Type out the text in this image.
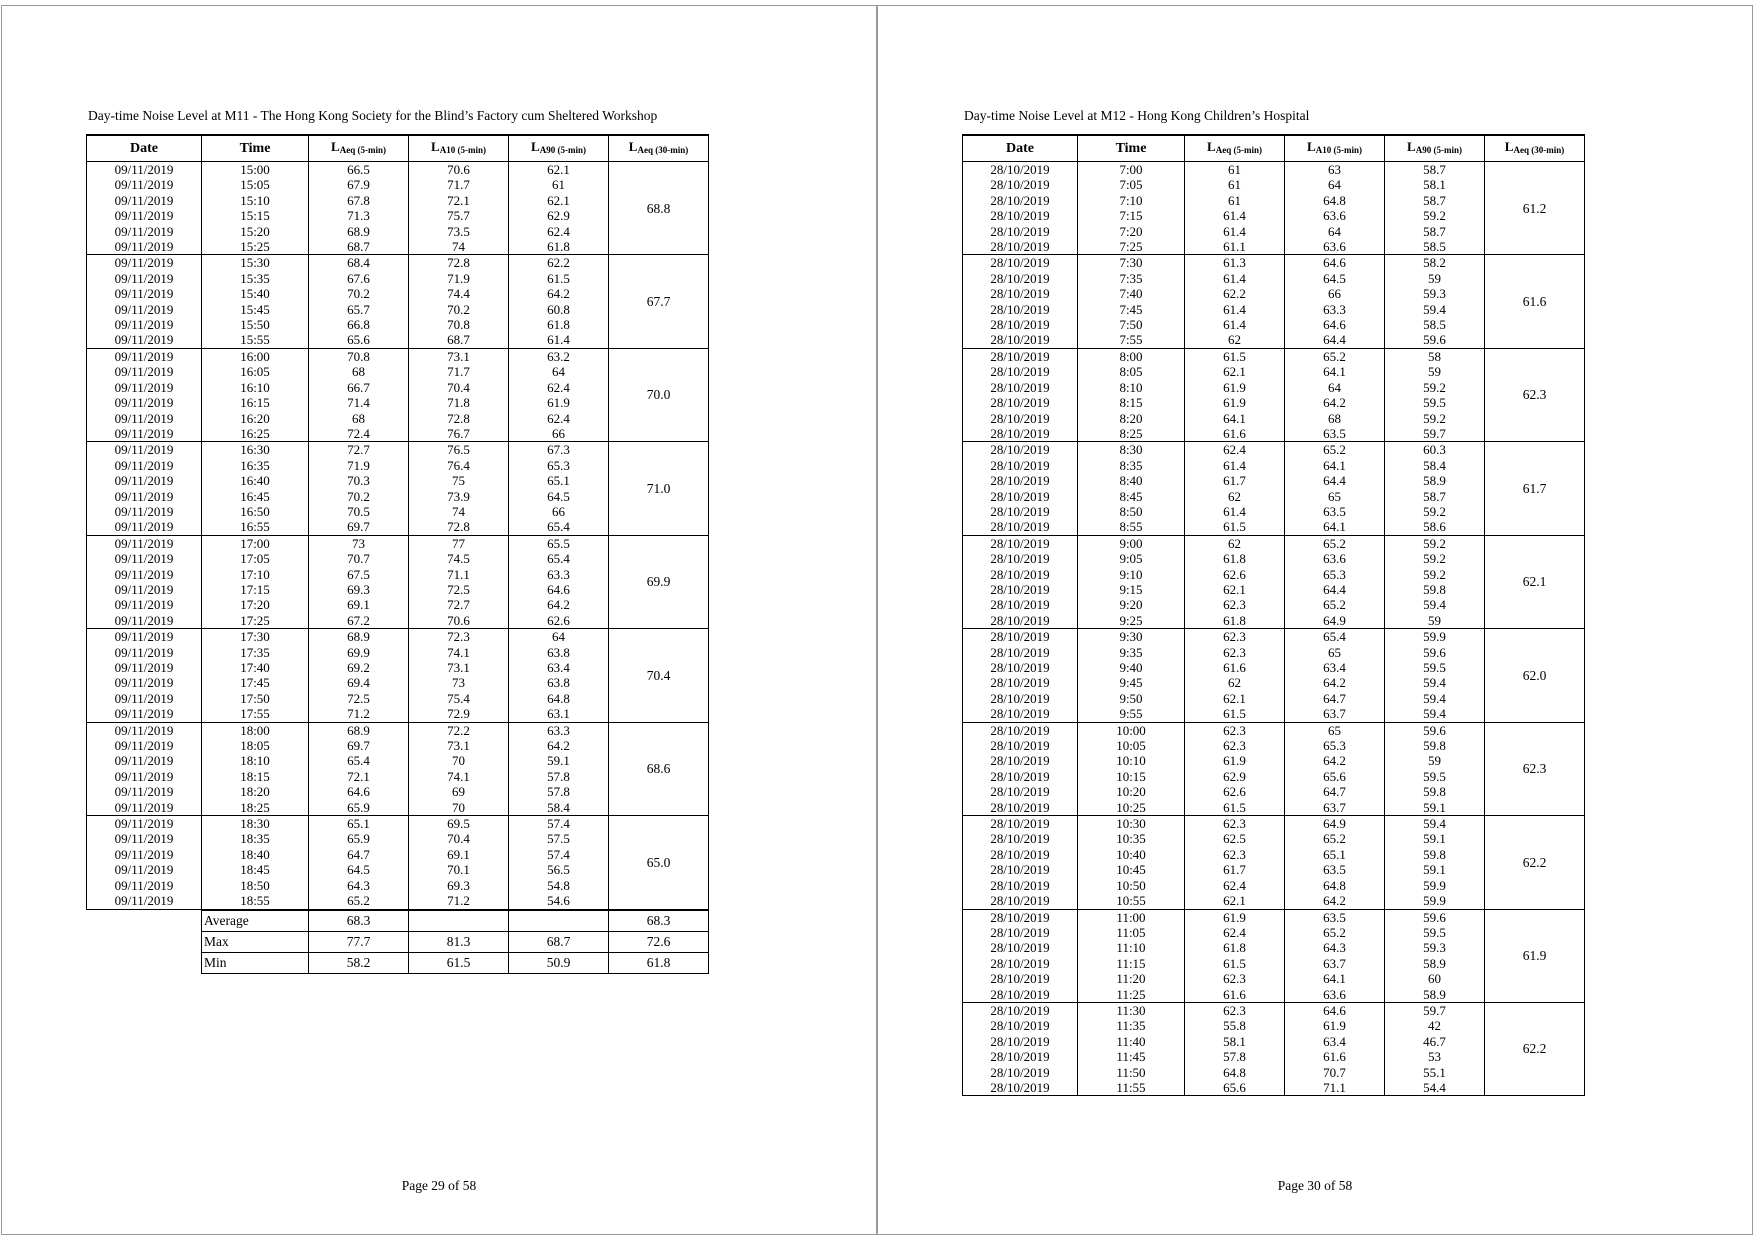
Day-time Noise Level at M11 - The Hong Kong Society for the Blind’s Factory cum Sheltered Workshop
Date	Time	$L_{Aeq (5-min)}$	$L_{A10 (5-min)}$	$L_{A90 (5-min)}$	$L_{Aeq (30-min)}$
09/11/2019	15:00	66.5	70.6	62.1	68.8
09/11/2019	15:05	67.9	71.7	61	
09/11/2019	15:10	67.8	72.1	62.1	
09/11/2019	15:15	71.3	75.7	62.9	
09/11/2019	15:20	68.9	73.5	62.4	
09/11/2019	15:25	68.7	74	61.8	
09/11/2019	15:30	68.4	72.8	62.2	67.7
09/11/2019	15:35	67.6	71.9	61.5	
09/11/2019	15:40	70.2	74.4	64.2	
09/11/2019	15:45	65.7	70.2	60.8	
09/11/2019	15:50	66.8	70.8	61.8	
09/11/2019	15:55	65.6	68.7	61.4	
09/11/2019	16:00	70.8	73.1	63.2	70.0
09/11/2019	16:05	68	71.7	64	
09/11/2019	16:10	66.7	70.4	62.4	
09/11/2019	16:15	71.4	71.8	61.9	
09/11/2019	16:20	68	72.8	62.4	
09/11/2019	16:25	72.4	76.7	66	
09/11/2019	16:30	72.7	76.5	67.3	71.0
09/11/2019	16:35	71.9	76.4	65.3	
09/11/2019	16:40	70.3	75	65.1	
09/11/2019	16:45	70.2	73.9	64.5	
09/11/2019	16:50	70.5	74	66	
09/11/2019	16:55	69.7	72.8	65.4	
09/11/2019	17:00	73	77	65.5	69.9
09/11/2019	17:05	70.7	74.5	65.4	
09/11/2019	17:10	67.5	71.1	63.3	
09/11/2019	17:15	69.3	72.5	64.6	
09/11/2019	17:20	69.1	72.7	64.2	
09/11/2019	17:25	67.2	70.6	62.6	
09/11/2019	17:30	68.9	72.3	64	70.4
09/11/2019	17:35	69.9	74.1	63.8	
09/11/2019	17:40	69.2	73.1	63.4	
09/11/2019	17:45	69.4	73	63.8	
09/11/2019	17:50	72.5	75.4	64.8	
09/11/2019	17:55	71.2	72.9	63.1	
09/11/2019	18:00	68.9	72.2	63.3	68.6
09/11/2019	18:05	69.7	73.1	64.2	
09/11/2019	18:10	65.4	70	59.1	
09/11/2019	18:15	72.1	74.1	57.8	
09/11/2019	18:20	64.6	69	57.8	
09/11/2019	18:25	65.9	70	58.4	
09/11/2019	18:30	65.1	69.5	57.4	65.0
09/11/2019	18:35	65.9	70.4	57.5	
09/11/2019	18:40	64.7	69.1	57.4	
09/11/2019	18:45	64.5	70.1	56.5	
09/11/2019	18:50	64.3	69.3	54.8	
09/11/2019	18:55	65.2	71.2	54.6	
	Average	68.3			68.3
	Max	77.7	81.3	68.7	72.6
	Min	58.2	61.5	50.9	61.8
Page 29 of 58
Day-time Noise Level at M12 - Hong Kong Children’s Hospital
Date	Time	$L_{Aeq (5-min)}$	$L_{A10 (5-min)}$	$L_{A90 (5-min)}$	$L_{Aeq (30-min)}$
28/10/2019	7:00	61	63	58.7	61.2
28/10/2019	7:05	61	64	58.1	
28/10/2019	7:10	61	64.8	58.7	
28/10/2019	7:15	61.4	63.6	59.2	
28/10/2019	7:20	61.4	64	58.7	
28/10/2019	7:25	61.1	63.6	58.5	
28/10/2019	7:30	61.3	64.6	58.2	61.6
28/10/2019	7:35	61.4	64.5	59	
28/10/2019	7:40	62.2	66	59.3	
28/10/2019	7:45	61.4	63.3	59.4	
28/10/2019	7:50	61.4	64.6	58.5	
28/10/2019	7:55	62	64.4	59.6	
28/10/2019	8:00	61.5	65.2	58	62.3
28/10/2019	8:05	62.1	64.1	59	
28/10/2019	8:10	61.9	64	59.2	
28/10/2019	8:15	61.9	64.2	59.5	
28/10/2019	8:20	64.1	68	59.2	
28/10/2019	8:25	61.6	63.5	59.7	
28/10/2019	8:30	62.4	65.2	60.3	61.7
28/10/2019	8:35	61.4	64.1	58.4	
28/10/2019	8:40	61.7	64.4	58.9	
28/10/2019	8:45	62	65	58.7	
28/10/2019	8:50	61.4	63.5	59.2	
28/10/2019	8:55	61.5	64.1	58.6	
28/10/2019	9:00	62	65.2	59.2	62.1
28/10/2019	9:05	61.8	63.6	59.2	
28/10/2019	9:10	62.6	65.3	59.2	
28/10/2019	9:15	62.1	64.4	59.8	
28/10/2019	9:20	62.3	65.2	59.4	
28/10/2019	9:25	61.8	64.9	59	
28/10/2019	9:30	62.3	65.4	59.9	62.0
28/10/2019	9:35	62.3	65	59.6	
28/10/2019	9:40	61.6	63.4	59.5	
28/10/2019	9:45	62	64.2	59.4	
28/10/2019	9:50	62.1	64.7	59.4	
28/10/2019	9:55	61.5	63.7	59.4	
28/10/2019	10:00	62.3	65	59.6	62.3
28/10/2019	10:05	62.3	65.3	59.8	
28/10/2019	10:10	61.9	64.2	59	
28/10/2019	10:15	62.9	65.6	59.5	
28/10/2019	10:20	62.6	64.7	59.8	
28/10/2019	10:25	61.5	63.7	59.1	
28/10/2019	10:30	62.3	64.9	59.4	62.2
28/10/2019	10:35	62.5	65.2	59.1	
28/10/2019	10:40	62.3	65.1	59.8	
28/10/2019	10:45	61.7	63.5	59.1	
28/10/2019	10:50	62.4	64.8	59.9	
28/10/2019	10:55	62.1	64.2	59.9	
28/10/2019	11:00	61.9	63.5	59.6	61.9
28/10/2019	11:05	62.4	65.2	59.5	
28/10/2019	11:10	61.8	64.3	59.3	
28/10/2019	11:15	61.5	63.7	58.9	
28/10/2019	11:20	62.3	64.1	60	
28/10/2019	11:25	61.6	63.6	58.9	
28/10/2019	11:30	62.3	64.6	59.7	62.2
28/10/2019	11:35	55.8	61.9	42	
28/10/2019	11:40	58.1	63.4	46.7	
28/10/2019	11:45	57.8	61.6	53	
28/10/2019	11:50	64.8	70.7	55.1	
28/10/2019	11:55	65.6	71.1	54.4	
Page 30 of 58
